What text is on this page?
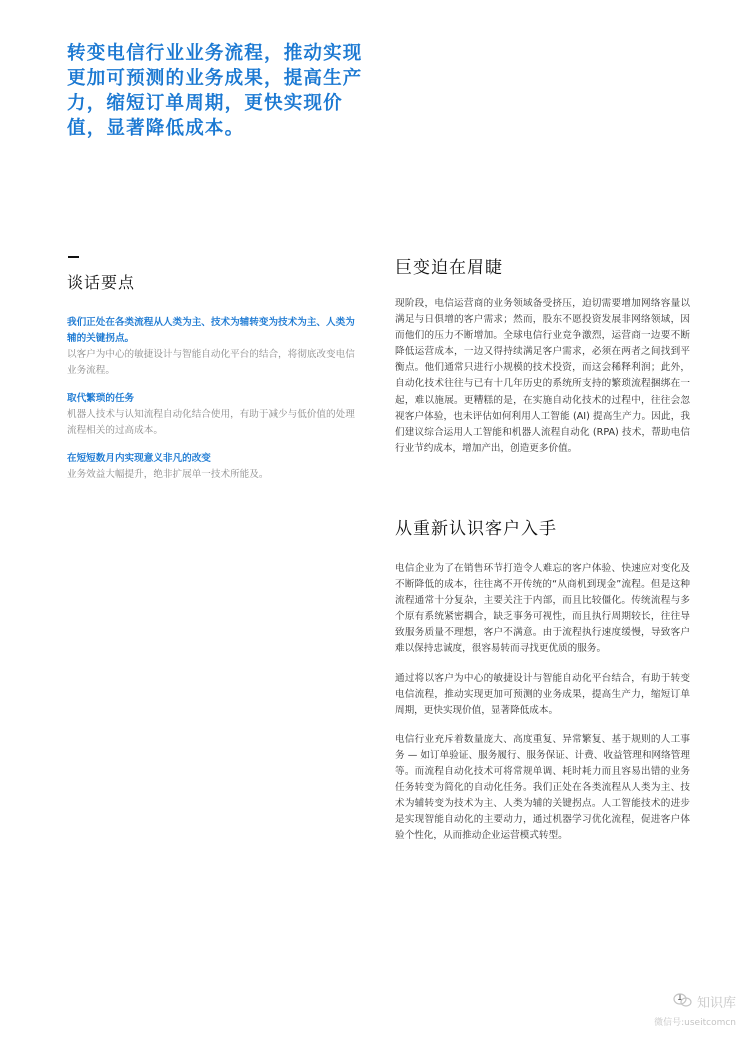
转变电信行业业务流程，推动实现更加可预测的业务成果，提高生产力，缩短订单周期，更快实现价值，显著降低成本。
谈话要点
我们正处在各类流程从人类为主、技术为辅转变为技术为主、人类为辅的关键拐点。
以客户为中心的敏捷设计与智能自动化平台的结合，将彻底改变电信业务流程。
取代繁琐的任务
机器人技术与认知流程自动化结合使用，有助于减少与低价值的处理流程相关的过高成本。
在短短数月内实现意义非凡的改变
业务效益大幅提升，绝非扩展单一技术所能及。
巨变迫在眉睫

现阶段，电信运营商的业务领域备受挤压，迫切需要增加网络容量以满足与日俱增的客户需求；然而，股东不愿投资发展非网络领域，因而他们的压力不断增加。全球电信行业竞争激烈，运营商一边要不断降低运营成本，一边又得持续满足客户需求，必须在两者之间找到平衡点。他们通常只进行小规模的技术投资，而这会稀释利润；此外，自动化技术往往与已有十几年历史的系统所支持的繁琐流程捆绑在一起，难以施展。更糟糕的是，在实施自动化技术的过程中，往往会忽视客户体验，也未评估如何利用人工智能 (AI) 提高生产力。因此，我们建议综合运用人工智能和机器人流程自动化 (RPA) 技术，帮助电信行业节约成本，增加产出，创造更多价值。

从重新认识客户入手

电信企业为了在销售环节打造令人难忘的客户体验、快速应对变化及不断降低的成本，往往离不开传统的“从商机到现金”流程。但是这种流程通常十分复杂，主要关注于内部，而且比较僵化。传统流程与多个原有系统紧密耦合，缺乏事务可视性，而且执行周期较长，往往导致服务质量不理想，客户不满意。由于流程执行速度缓慢，导致客户难以保持忠诚度，很容易转而寻找更优质的服务。

通过将以客户为中心的敏捷设计与智能自动化平台结合，有助于转变电信流程，推动实现更加可预测的业务成果，提高生产力，缩短订单周期，更快实现价值，显著降低成本。

电信行业充斥着数量庞大、高度重复、异常繁复、基于规则的人工事务 — 如订单验证、服务履行、服务保证、计费、收益管理和网络管理等。而流程自动化技术可将常规单调、耗时耗力而且容易出错的业务任务转变为简化的自动化任务。我们正处在各类流程从人类为主、技术为辅转变为技术为主、人类为辅的关键拐点。人工智能技术的进步是实现智能自动化的主要动力，通过机器学习优化流程，促进客户体验个性化，从而推动企业运营模式转型。

1 知识库
微信号:useitcomcn
